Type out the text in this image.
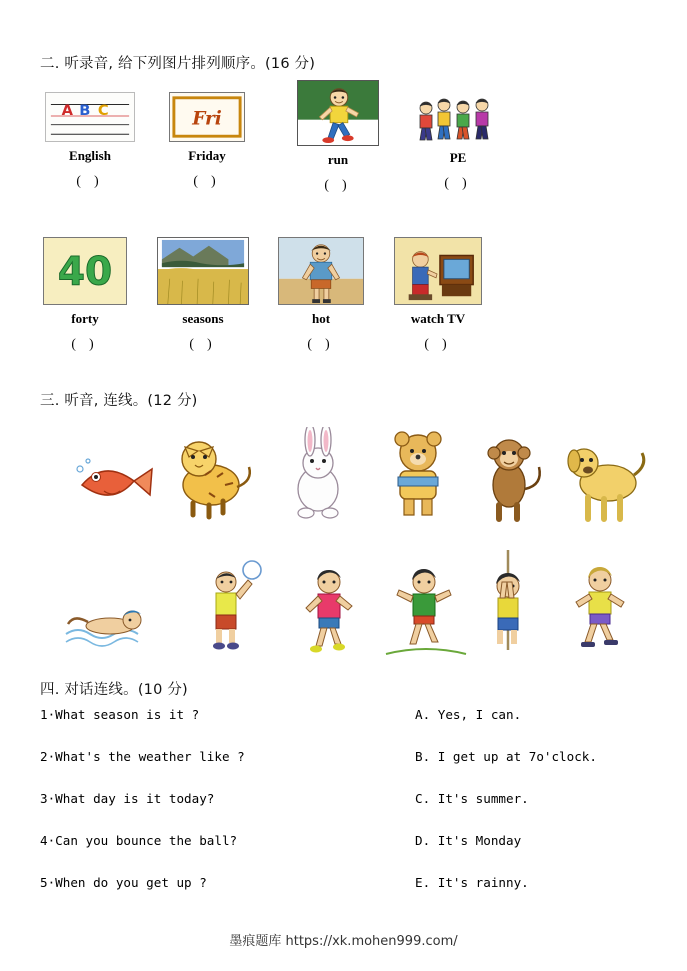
二. 听录音, 给下列图片排列顺序。(16 分)
A B C
English
( )
Fri
Friday
( )
run
( )
PE
( )
40
forty
( )
seasons
( )
hot
( )
watch TV
( )
三. 听音, 连线。(12 分)
四. 对话连线。(10 分)
1·What season is it ?
2·What's the weather like ?
3·What day is it today?
4·Can you bounce the ball?
5·When do you get up ?
A. Yes, I can.
B. I get up at 7o'clock.
C. It's summer.
D. It's Monday
E. It's rainny.
墨痕题库 https://xk.mohen999.com/
